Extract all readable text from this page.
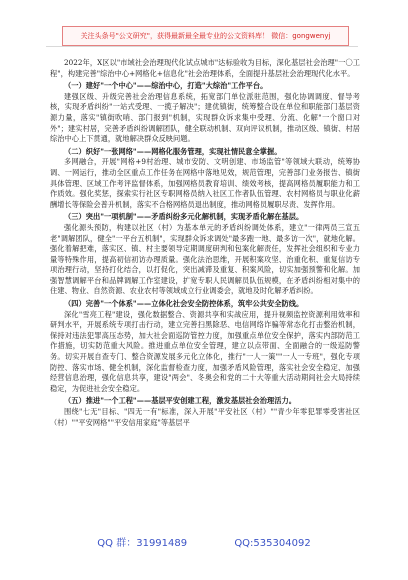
关注头条号"公文研究"，获得最新最全最专业的公文资料库！ 微信：gongwenyj

2022年，X区以"市域社会治理现代化试点城市"达标验收为目标，深化基层社会治理"一〇工程"，构建完善"综治中心+网格化+信息化"社会治理体系，全面提升基层社会治理现代化水平。

（一）建好"一个中心"——综治中心，打造"大综治"工作平台。

建强区级、升级完善社会治理信息系统，拓宽部门单位派驻范围，强化协调调度、督导考核，实现矛盾纠纷"一站式受理、一揽子解决"；建优镇街，统筹整合设在单位和职能部门基层资源力量，落实"镇街吹哨、部门报到"机制，实现群众诉求集中受理、分流、化解"一个窗口对外"；建实村居，完善矛盾纠纷调解团队，健全联动机制、双向评议机制，推动区级、镇街、村居综治中心上下贯通，就地解决群众反映问题。

（二）织好"一张网络"——网格化服务管理，实现社情民意全掌握。

多网融合，开展"网格+9村治理、城市安防、文明创建、市场监管"等领域大联动，统筹协调、一网运行，推动全区重点工作任务在网格中落地见效，规范管理，完善部门业务报告、镇街具体管理、区域工作考评监督体系，加强网格员教育培训、绩效考核，提高网格员履职能力和工作质效。强化奖惩，探索实行社区专职网格员纳入社区工作者队伍管理、农村网格员与职业化薪酬增长等保险会普升机制，落实不合格网格员退出制度，推动网格员履职尽责、发挥作用。

（三）突出"一项机制"——矛盾纠纷多元化解机制，实现矛盾化解在基层。

强化源头预防，构建以社区（村）为基本单元的矛盾纠纷调处体系，建立"一律两员三宣五老"调解团队，健全"一平台五机制"，实现群众诉求调处"最多跑一地、最多访一次"，就地化解。强化着解把难，落实区、镇、村主要领导定期调度研判和包案化解责任，发挥社会组织和专业力量等特殊作用，提高初信初访办理质量。强化法治思维，开展积案攻坚、治重化积、重复信访专项治理行动，坚持打化结合，以打促化，突出减滞及重复、积案风险，切实加强预警和化解。加强智慧调解平台和品牌调解工作室建设，扩宽专职人民调解员队伍规模，在矛盾纠纷相对集中的住建、物业、自然资源、农业农村等领域成立行业调委会，就地及时化解矛盾纠纷。

（四）完善"一个体系"——立体化社会安全防控体系，筑牢公共安全防线。

深化"雪亮工程"建设，强化数据整合、资源共享和实战应用，提升视频监控资源利用效率和研判水平，开展系统专项打击行动，建立完善扫黑除恶、电信网络诈骗等常态化打击整治机制，保持对违法犯罪高压态势，加大社会面巡防管控力度，加强重点单位安全保护，落实内部防范工作措施，切实防范重大风险。推进重点单位安全管理，建立以点带面、全面融合的一级巡防警务。切实开展自查专门、整合资源发展多元化立体化，推行"一人一策""一人一专班"，强化专项防控、落实市场、健全机制，深化监督检查力度，加强矛盾风险管理，落实社会安全稳定、加强经营信息治理，强化信息共享，建设"两会"、冬奥会和党的二十大等重大活动期间社会大局持续稳定，为促进社会安全稳定。

（五）推进"一个工程"——基层平安创建工程，激发基层社会治理活力。

围绕"七无"目标、"四无一有"标准，深入开展"平安社区（村）""青少年零犯罪零受害社区（村）""平安网格""平安信用家庭"等基层平

QQ 群：31991489	QQ:535304092
